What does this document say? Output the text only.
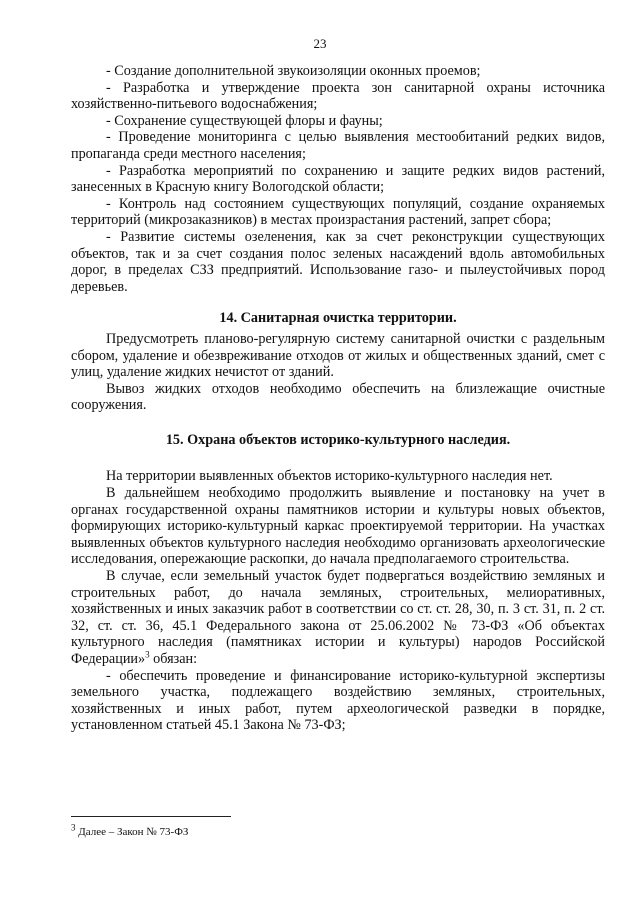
23

- Создание дополнительной звукоизоляции оконных проемов;

- Разработка и утверждение проекта зон санитарной охраны источника хозяйственно-питьевого водоснабжения;

- Сохранение существующей флоры и фауны;

- Проведение мониторинга с целью выявления местообитаний редких видов, пропаганда среди местного населения;

- Разработка мероприятий по сохранению и защите редких видов растений, занесенных в Красную книгу Вологодской области;

- Контроль над состоянием существующих популяций, создание охраняемых территорий (микрозаказников) в местах произрастания растений, запрет сбора;

- Развитие системы озеленения, как за счет реконструкции существующих объектов, так и за счет создания полос зеленых насаждений вдоль автомобильных дорог, в пределах СЗЗ предприятий. Использование газо- и пылеустойчивых пород деревьев.

14. Санитарная очистка территории.

Предусмотреть планово-регулярную систему санитарной очистки с раздельным сбором, удаление и обезвреживание отходов от жилых и общественных зданий, смет с улиц, удаление жидких нечистот от зданий.

Вывоз жидких отходов необходимо обеспечить на близлежащие очистные сооружения.

15. Охрана объектов историко-культурного наследия.

На территории выявленных объектов историко-культурного наследия нет.

В дальнейшем необходимо продолжить выявление и постановку на учет в органах государственной охраны памятников истории и культуры новых объектов, формирующих историко-культурный каркас проектируемой территории. На участках выявленных объектов культурного наследия необходимо организовать археологические исследования, опережающие раскопки, до начала предполагаемого строительства.

В случае, если земельный участок будет подвергаться воздействию земляных и строительных работ, до начала земляных, строительных, мелиоративных, хозяйственных и иных заказчик работ в соответствии со ст. ст. 28, 30, п. 3 ст. 31, п. 2 ст. 32, ст. ст. 36, 45.1 Федерального закона от 25.06.2002 № 73-ФЗ «Об объектах культурного наследия (памятниках истории и культуры) народов Российской Федерации»$^3$ обязан:

- обеспечить проведение и финансирование историко-культурной экспертизы земельного участка, подлежащего воздействию земляных, строительных, хозяйственных и иных работ, путем археологической разведки в порядке, установленном статьей 45.1 Закона № 73-ФЗ;

$^3$ Далее – Закон № 73-ФЗ
